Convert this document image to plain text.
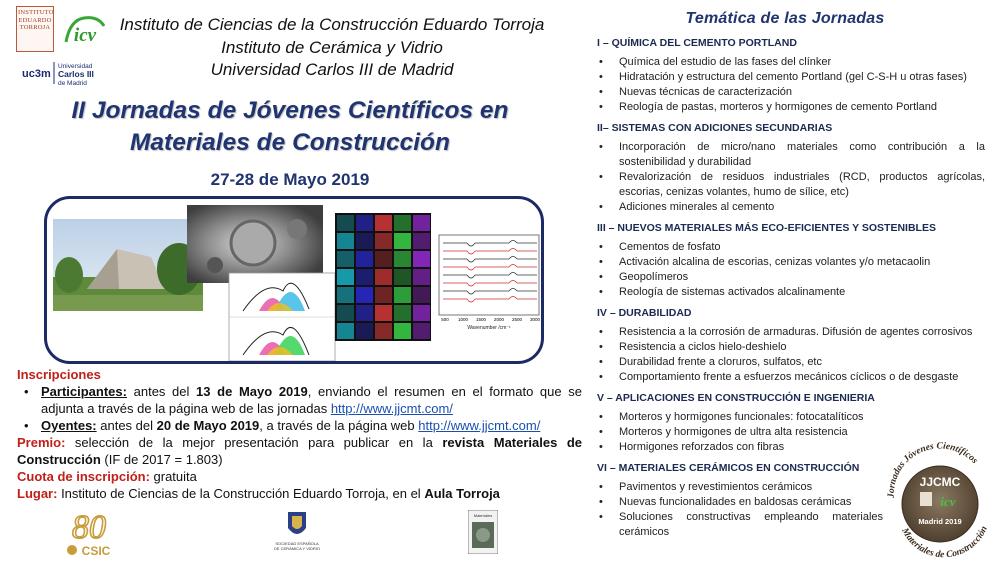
INSTITUTO
EDUARDO
TORROJA icv
uc3m
Universidad
Carlos III
de Madrid
Instituto de Ciencias de la Construcción Eduardo Torroja
Instituto de Cerámica y Vidrio
Universidad Carlos III de Madrid
II Jornadas de Jóvenes Científicos en
Materiales de Construcción
27-28 de Mayo 2019
500 1000 1500 2000 2500 3000
Wavenumber /cm⁻¹
Inscripciones
• Participantes: antes del 13 de Mayo 2019, enviando el resumen en el formato que se adjunta a través de la página web de las jornadas http://www.jjcmt.com/
• Oyentes: antes del 20 de Mayo 2019, a través de la página web http://www.jjcmt.com/
Premio: selección de la mejor presentación para publicar en la revista Materiales de Construcción (IF de 2017 = 1.803)
Cuota de inscripción: gratuita
Lugar: Instituto de Ciencias de la Construcción Eduardo Torroja, en el Aula Torroja
80
CSIC
SOCIEDAD ESPAÑOLA
DE CERÁMICA Y VIDRIO
Materiales
Temática de las Jornadas
I – QUÍMICA DEL CEMENTO PORTLAND
• Química del estudio de las fases del clínker
• Hidratación y estructura del cemento Portland (gel C-S-H u otras fases)
• Nuevas técnicas de caracterización
• Reología de pastas, morteros y hormigones de cemento Portland
II– SISTEMAS CON ADICIONES SECUNDARIAS
• Incorporación de micro/nano materiales como contribución a la sostenibilidad y durabilidad
• Revalorización de residuos industriales (RCD, productos agrícolas, escorias, cenizas volantes, humo de sílice, etc)
• Adiciones minerales al cemento
III – NUEVOS MATERIALES MÁS ECO-EFICIENTES Y SOSTENIBLES
• Cementos de fosfato
• Activación alcalina de escorias, cenizas volantes y/o metacaolin
• Geopolímeros
• Reología de sistemas activados alcalinamente
IV – DURABILIDAD
• Resistencia a la corrosión de armaduras. Difusión de agentes corrosivos
• Resistencia a ciclos hielo-deshielo
• Durabilidad frente a cloruros, sulfatos, etc
• Comportamiento frente a esfuerzos mecánicos cíclicos o de desgaste
V – APLICACIONES EN CONSTRUCCIÓN E INGENIERIA
• Morteros y hormigones funcionales: fotocatalíticos
• Morteros y hormigones de ultra alta resistencia
• Hormigones reforzados con fibras
VI – MATERIALES CERÁMICOS EN CONSTRUCCIÓN
• Pavimentos y revestimientos cerámicos
• Nuevas funcionalidades en baldosas cerámicas
• Soluciones constructivas empleando materiales cerámicos
JJCMC
icv
Madrid 2019
Jornadas Jóvenes Científicos
Materiales de Construcción
